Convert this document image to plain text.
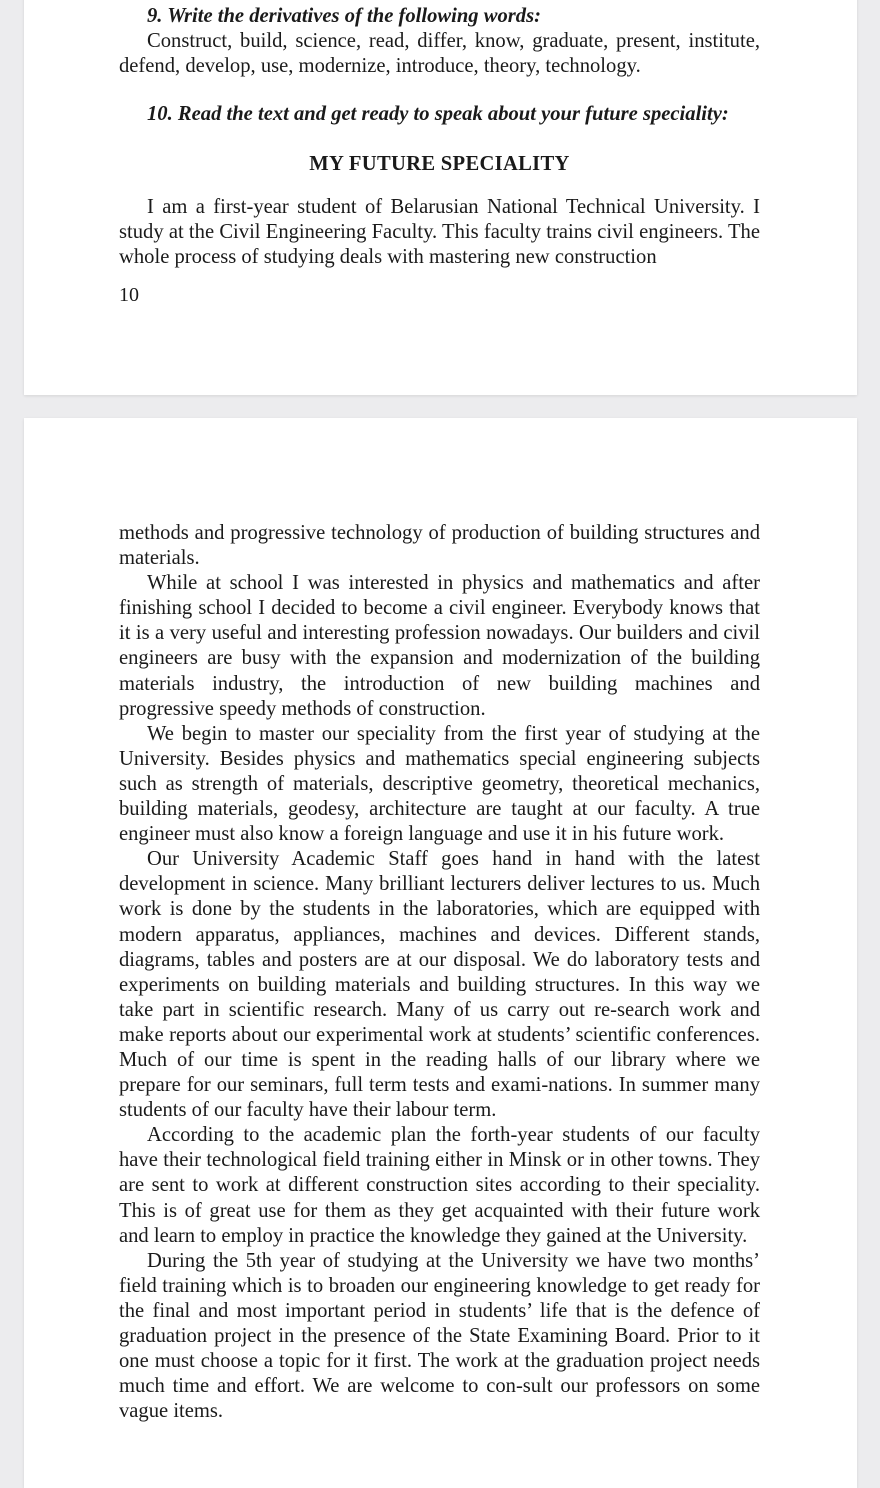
9. Write the derivatives of the following words:

Construct, build, science, read, differ, know, graduate, present, institute, defend, develop, use, modernize, introduce, theory, technology.

10. Read the text and get ready to speak about your future speciality:

MY FUTURE SPECIALITY

I am a first-year student of Belarusian National Technical University. I study at the Civil Engineering Faculty. This faculty trains civil engineers. The whole process of studying deals with mastering new construction

10

methods and progressive technology of production of building structures and materials.

While at school I was interested in physics and mathematics and after finishing school I decided to become a civil engineer. Everybody knows that it is a very useful and interesting profession nowadays. Our builders and civil engineers are busy with the expansion and modernization of the building materials industry, the introduction of new building machines and progressive speedy methods of construction.

We begin to master our speciality from the first year of studying at the University. Besides physics and mathematics special engineering subjects such as strength of materials, descriptive geometry, theoretical mechanics, building materials, geodesy, architecture are taught at our faculty. A true engineer must also know a foreign language and use it in his future work.

Our University Academic Staff goes hand in hand with the latest development in science. Many brilliant lecturers deliver lectures to us. Much work is done by the students in the laboratories, which are equipped with modern apparatus, appliances, machines and devices. Different stands, diagrams, tables and posters are at our disposal. We do laboratory tests and experiments on building materials and building structures. In this way we take part in scientific research. Many of us carry out re-search work and make reports about our experimental work at students’ scientific conferences. Much of our time is spent in the reading halls of our library where we prepare for our seminars, full term tests and exami-nations. In summer many students of our faculty have their labour term.

According to the academic plan the forth-year students of our faculty have their technological field training either in Minsk or in other towns. They are sent to work at different construction sites according to their speciality. This is of great use for them as they get acquainted with their future work and learn to employ in practice the knowledge they gained at the University.

During the 5th year of studying at the University we have two months’ field training which is to broaden our engineering knowledge to get ready for the final and most important period in students’ life that is the defence of graduation project in the presence of the State Examining Board. Prior to it one must choose a topic for it first. The work at the graduation project needs much time and effort. We are welcome to con-sult our professors on some vague items.
